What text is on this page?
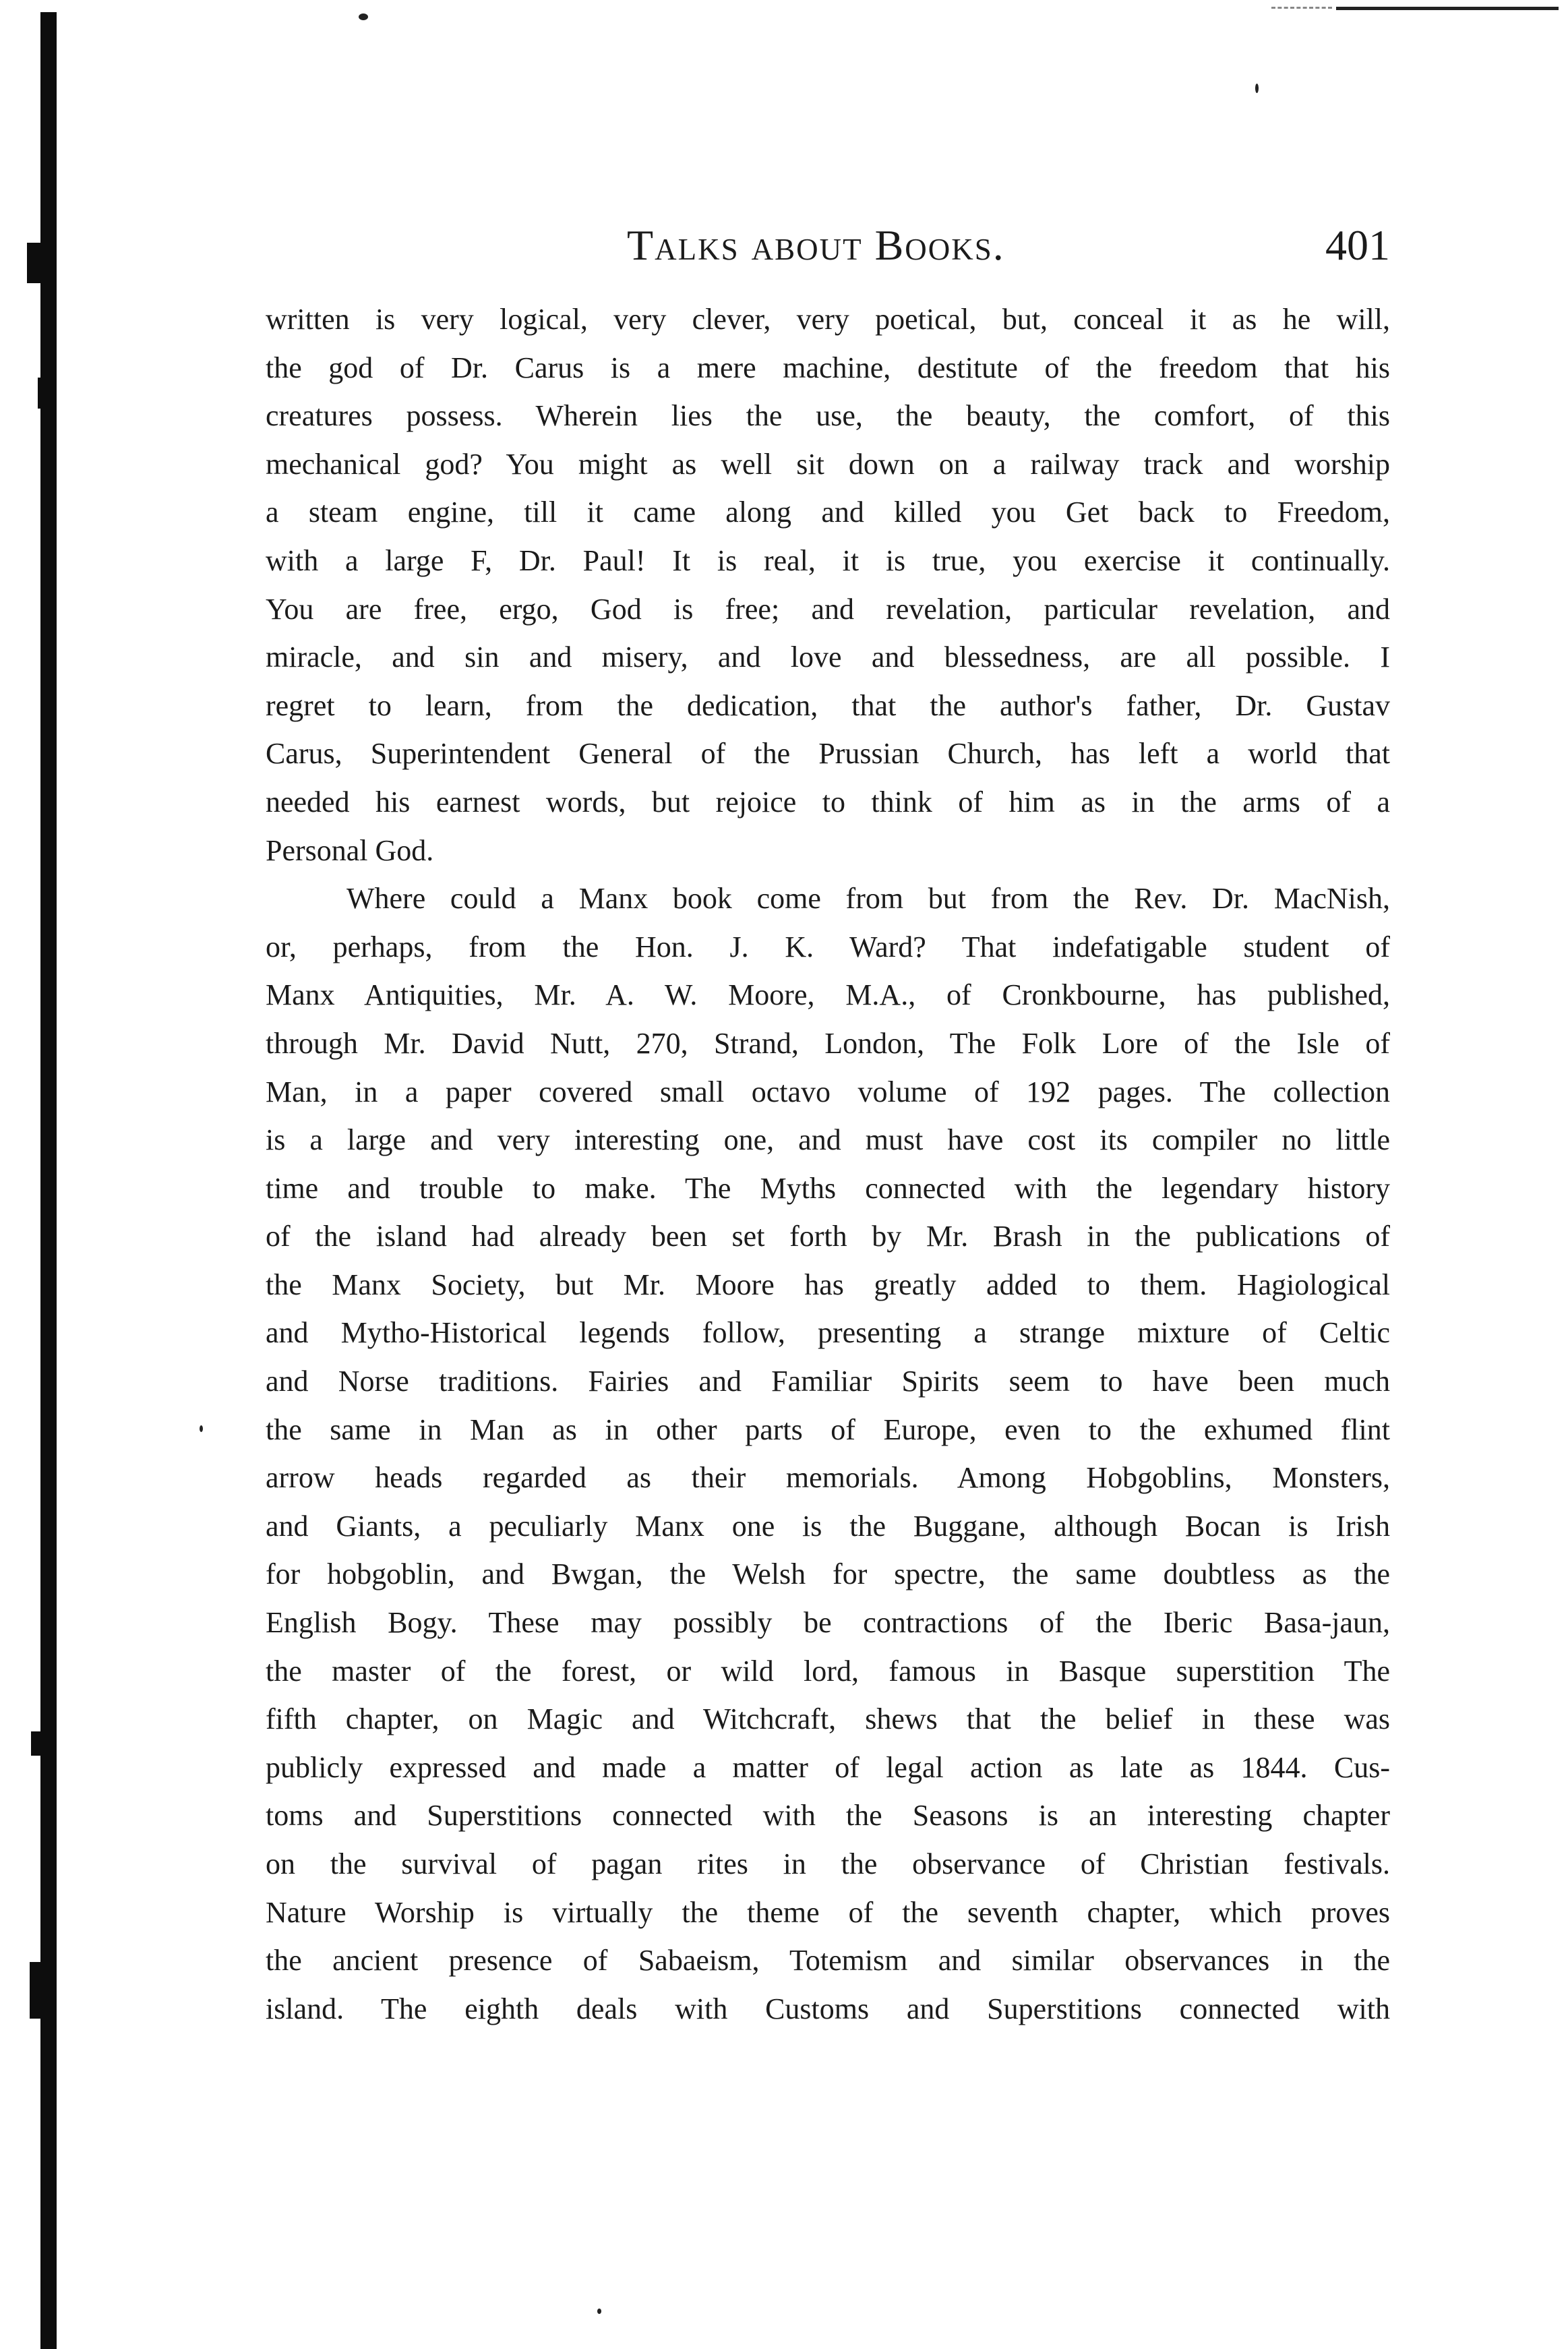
Talks about Books.	401
written is very logical, very clever, very poetical, but, conceal it as he will,
the god of Dr. Carus is a mere machine, destitute of the freedom that his
creatures possess. Wherein lies the use, the beauty, the comfort, of this
mechanical god? You might as well sit down on a railway track and worship
a steam engine, till it came along and killed you Get back to Freedom,
with a large F, Dr. Paul! It is real, it is true, you exercise it continually.
You are free, ergo, God is free; and revelation, particular revelation, and
miracle, and sin and misery, and love and blessedness, are all possible. I
regret to learn, from the dedication, that the author's father, Dr. Gustav
Carus, Superintendent General of the Prussian Church, has left a world that
needed his earnest words, but rejoice to think of him as in the arms of a
Personal God.
Where could a Manx book come from but from the Rev. Dr. MacNish,
or, perhaps, from the Hon. J. K. Ward? That indefatigable student of
Manx Antiquities, Mr. A. W. Moore, M.A., of Cronkbourne, has published,
through Mr. David Nutt, 270, Strand, London, The Folk Lore of the Isle of
Man, in a paper covered small octavo volume of 192 pages. The collection
is a large and very interesting one, and must have cost its compiler no little
time and trouble to make. The Myths connected with the legendary history
of the island had already been set forth by Mr. Brash in the publications of
the Manx Society, but Mr. Moore has greatly added to them. Hagiological
and Mytho-Historical legends follow, presenting a strange mixture of Celtic
and Norse traditions. Fairies and Familiar Spirits seem to have been much
the same in Man as in other parts of Europe, even to the exhumed flint
arrow heads regarded as their memorials. Among Hobgoblins, Monsters,
and Giants, a peculiarly Manx one is the Buggane, although Bocan is Irish
for hobgoblin, and Bwgan, the Welsh for spectre, the same doubtless as the
English Bogy. These may possibly be contractions of the Iberic Basa-jaun,
the master of the forest, or wild lord, famous in Basque superstition The
fifth chapter, on Magic and Witchcraft, shews that the belief in these was
publicly expressed and made a matter of legal action as late as 1844. Cus-
toms and Superstitions connected with the Seasons is an interesting chapter
on the survival of pagan rites in the observance of Christian festivals.
Nature Worship is virtually the theme of the seventh chapter, which proves
the ancient presence of Sabaeism, Totemism and similar observances in the
island. The eighth deals with Customs and Superstitions connected with
